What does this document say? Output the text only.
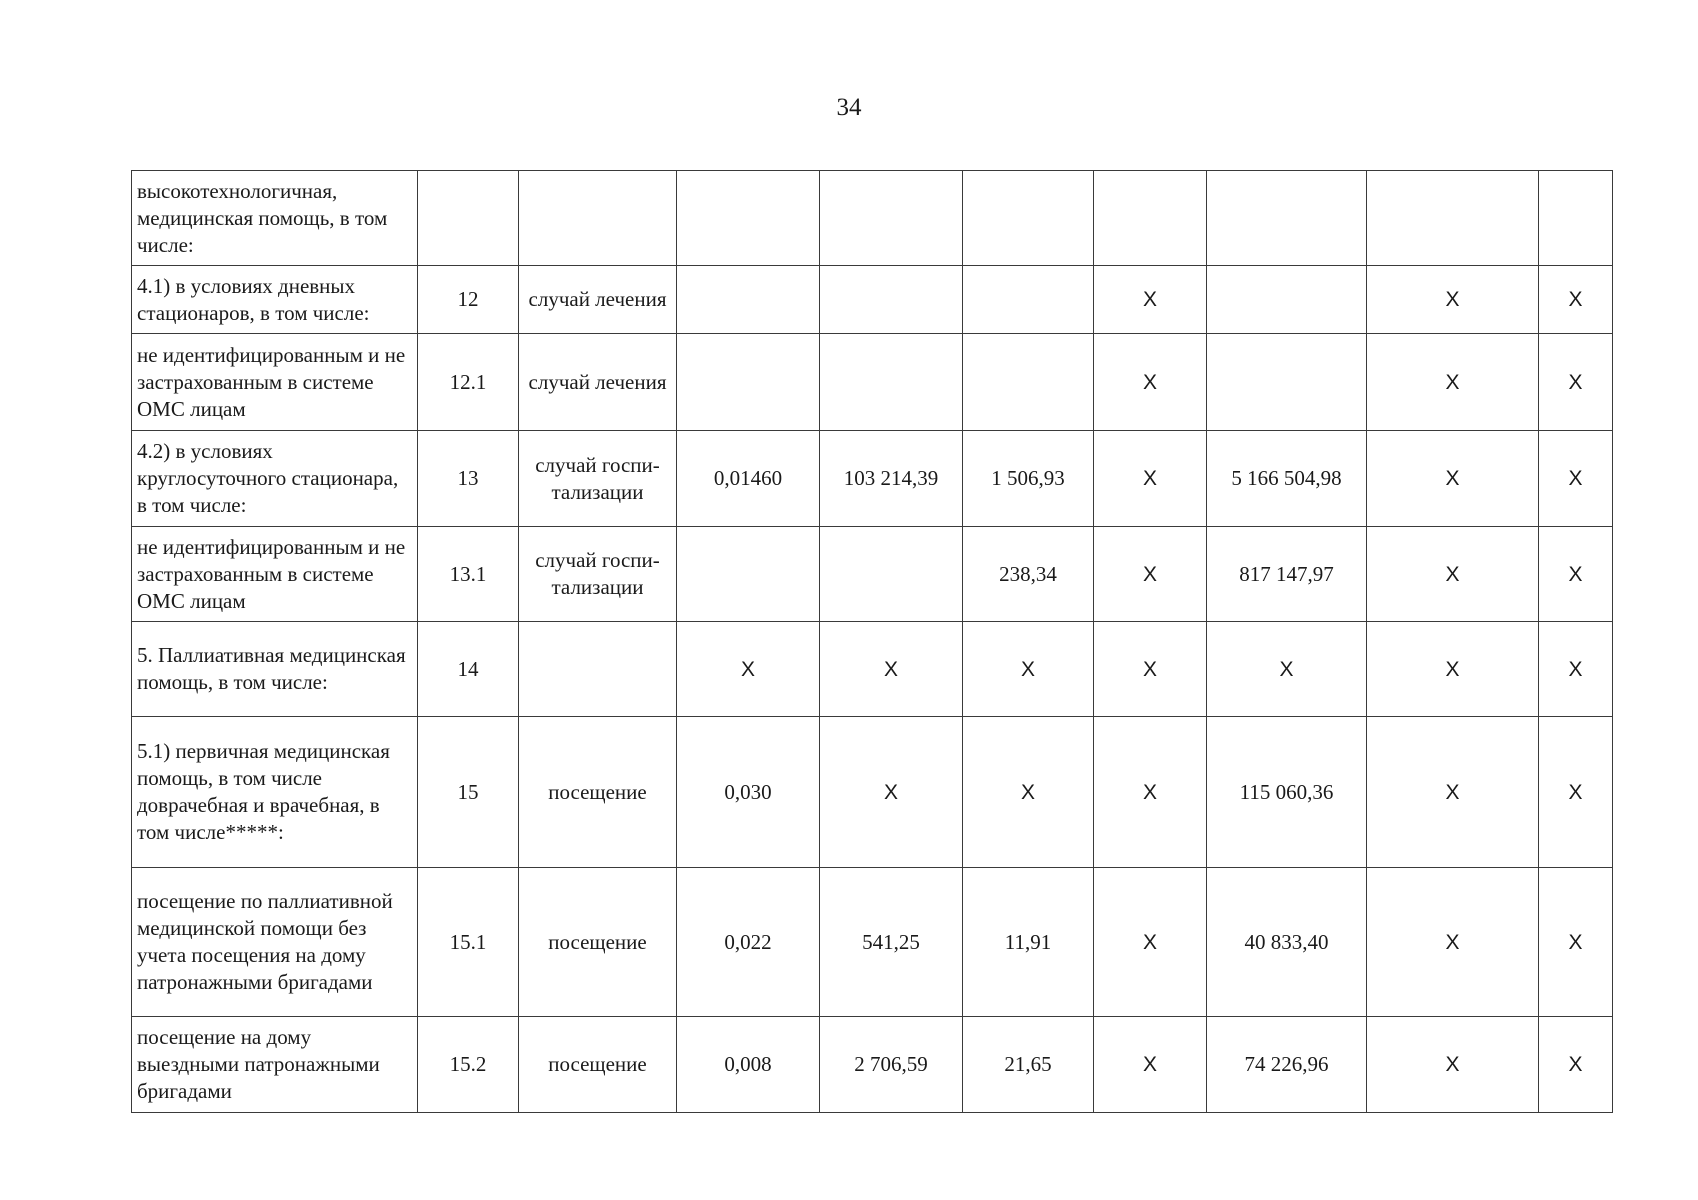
34
высокотехнологичная, медицинская помощь, в том числе:									
4.1) в условиях дневных стационаров, в том числе:	12	случай лечения				X		X	X
не идентифицированным и не застрахованным в системе ОМС лицам	12.1	случай лечения				X		X	X
4.2) в условиях круглосуточного стационара, в том числе:	13	случай госпи-тализации	0,01460	103 214,39	1 506,93	X	5 166 504,98	X	X
не идентифицированным и не застрахованным в системе ОМС лицам	13.1	случай госпи-тализации			238,34	X	817 147,97	X	X
5. Паллиативная медицинская помощь, в том числе:	14		X	X	X	X	X	X	X
5.1) первичная медицинская помощь, в том числе доврачебная и врачебная, в том числе*****:	15	посещение	0,030	X	X	X	115 060,36	X	X
посещение по паллиативной медицинской помощи без учета посещения на дому патронажными бригадами	15.1	посещение	0,022	541,25	11,91	X	40 833,40	X	X
посещение на дому выездными патронажными бригадами	15.2	посещение	0,008	2 706,59	21,65	X	74 226,96	X	X
